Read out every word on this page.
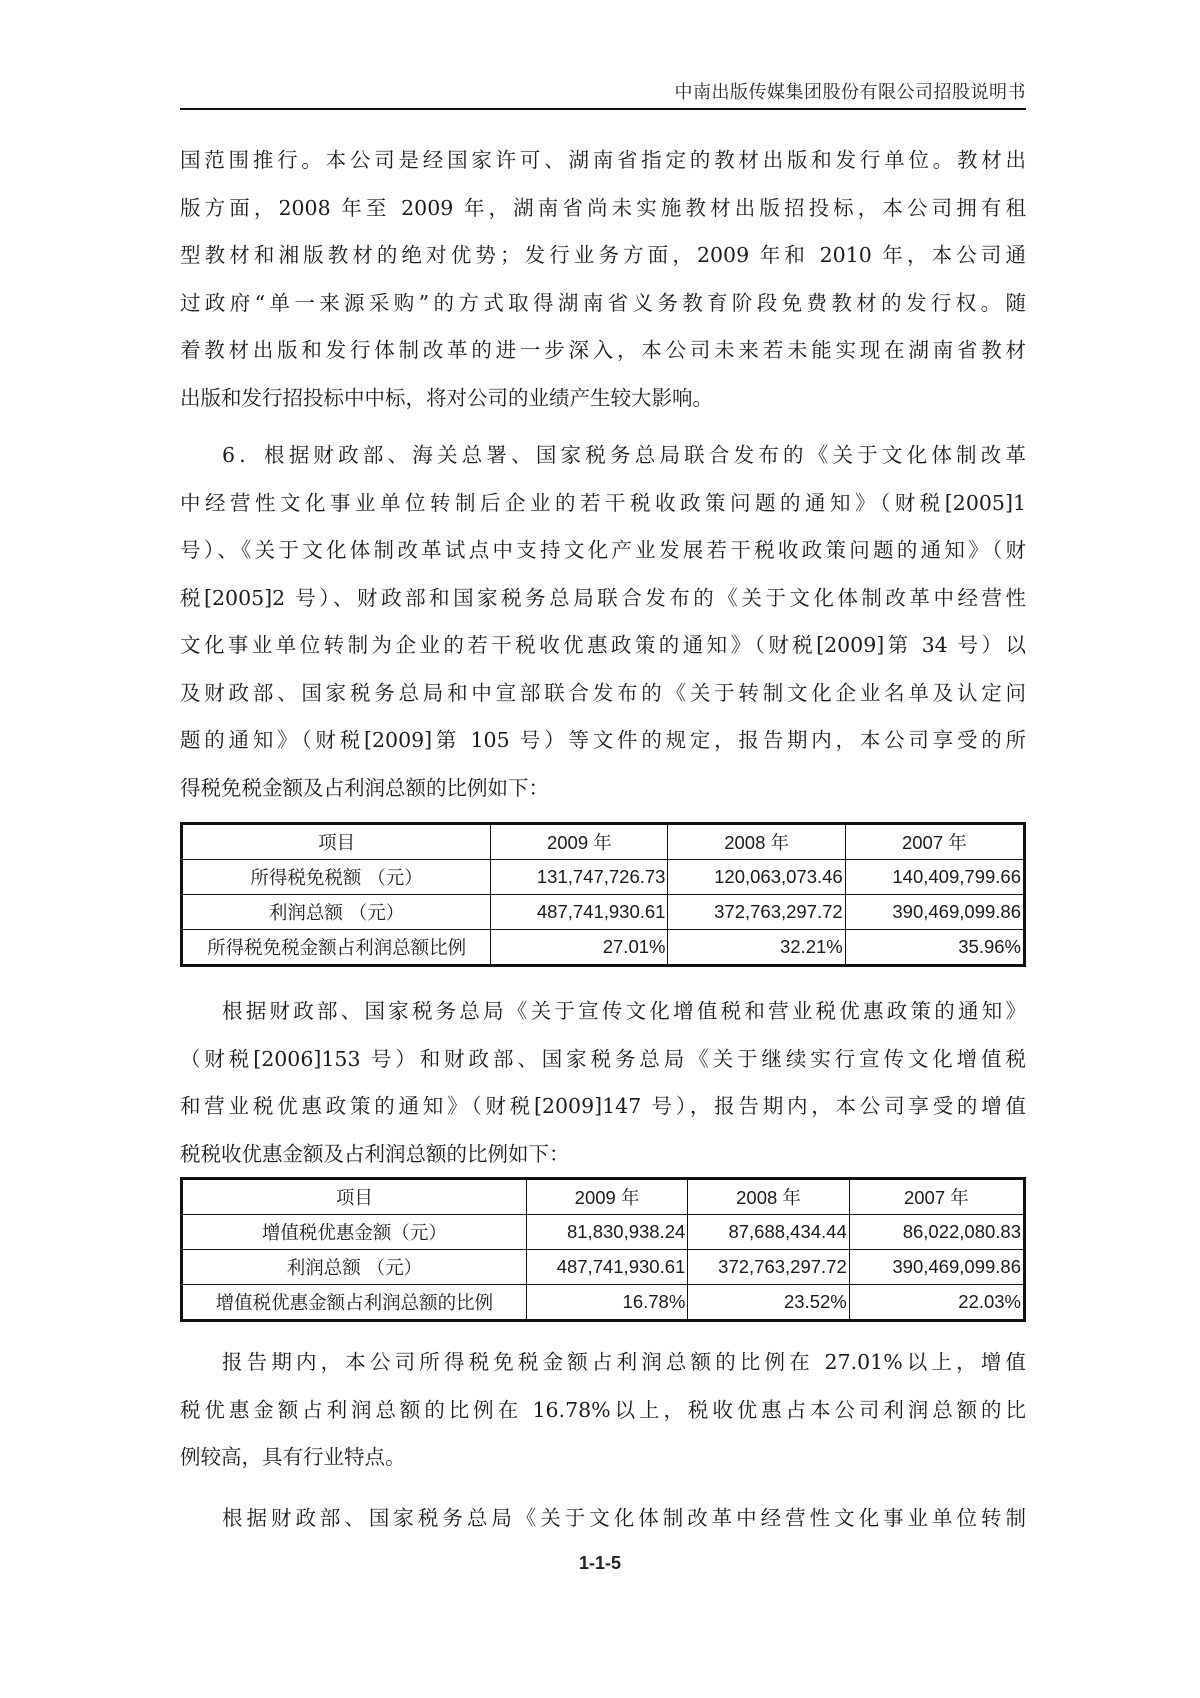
中南出版传媒集团股份有限公司招股说明书
国范围推行。本公司是经国家许可、湖南省指定的教材出版和发行单位。教材出
版方面，2008 年至 2009 年，湖南省尚未实施教材出版招投标，本公司拥有租
型教材和湘版教材的绝对优势；发行业务方面，2009 年和 2010 年，本公司通
过政府“单一来源采购”的方式取得湖南省义务教育阶段免费教材的发行权。随
着教材出版和发行体制改革的进一步深入，本公司未来若未能实现在湖南省教材
出版和发行招投标中中标，将对公司的业绩产生较大影响。
6．根据财政部、海关总署、国家税务总局联合发布的《关于文化体制改革
中经营性文化事业单位转制后企业的若干税收政策问题的通知》（财税[2005]1
号）、《关于文化体制改革试点中支持文化产业发展若干税收政策问题的通知》（财
税[2005]2 号）、财政部和国家税务总局联合发布的《关于文化体制改革中经营性
文化事业单位转制为企业的若干税收优惠政策的通知》（财税[2009]第 34 号）以
及财政部、国家税务总局和中宣部联合发布的《关于转制文化企业名单及认定问
题的通知》（财税[2009]第 105 号）等文件的规定，报告期内，本公司享受的所
得税免税金额及占利润总额的比例如下：
项目	2009 年	2008 年	2007 年
所得税免税额 （元）	131,747,726.73	120,063,073.46	140,409,799.66
利润总额 （元）	487,741,930.61	372,763,297.72	390,469,099.86
所得税免税金额占利润总额比例	27.01%	32.21%	35.96%
根据财政部、国家税务总局《关于宣传文化增值税和营业税优惠政策的通知》
（财税[2006]153 号）和财政部、国家税务总局《关于继续实行宣传文化增值税
和营业税优惠政策的通知》（财税[2009]147 号），报告期内，本公司享受的增值
税税收优惠金额及占利润总额的比例如下：
项目	2009 年	2008 年	2007 年
增值税优惠金额（元）	81,830,938.24	87,688,434.44	86,022,080.83
利润总额 （元）	487,741,930.61	372,763,297.72	390,469,099.86
增值税优惠金额占利润总额的比例	16.78%	23.52%	22.03%
报告期内，本公司所得税免税金额占利润总额的比例在 27.01%以上，增值
税优惠金额占利润总额的比例在 16.78%以上，税收优惠占本公司利润总额的比
例较高，具有行业特点。
根据财政部、国家税务总局《关于文化体制改革中经营性文化事业单位转制
1-1-5
